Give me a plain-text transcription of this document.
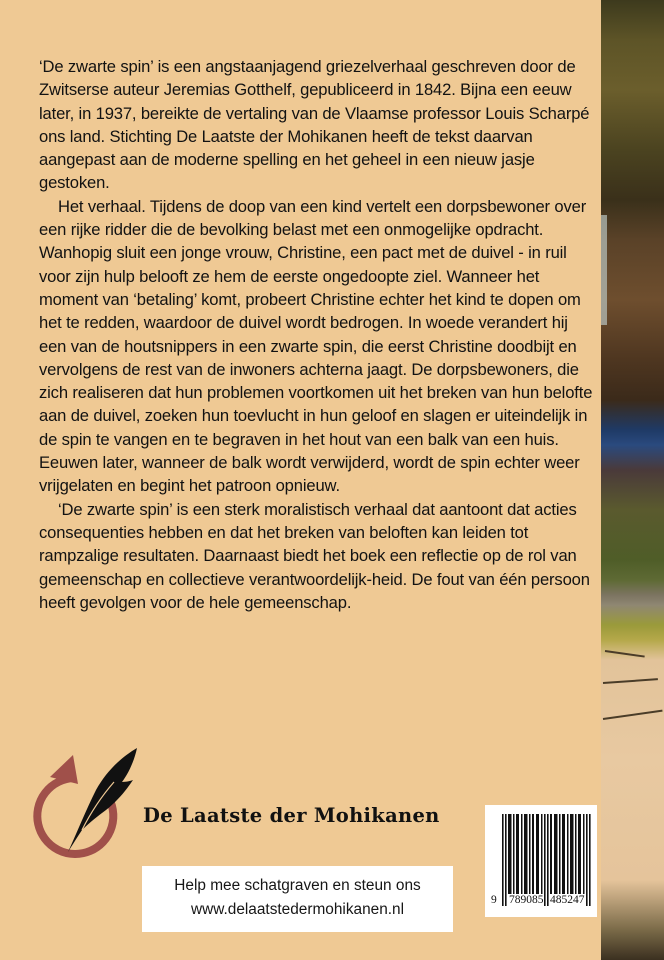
‘De zwarte spin’ is een angstaanjagend griezelverhaal geschreven door de Zwitserse auteur Jeremias Gotthelf, gepubliceerd in 1842. Bijna een eeuw later, in 1937, bereikte de vertaling van de Vlaamse professor Louis Scharpé ons land. Stichting De Laatste der Mohikanen heeft de tekst daarvan aangepast aan de moderne spelling en het geheel in een nieuw jasje gestoken.

Het verhaal. Tijdens de doop van een kind vertelt een dorpsbewoner over een rijke ridder die de bevolking belast met een onmogelijke opdracht. Wanhopig sluit een jonge vrouw, Christine, een pact met de duivel - in ruil voor zijn hulp belooft ze hem de eerste ongedoopte ziel. Wanneer het moment van ‘betaling’ komt, probeert Christine echter het kind te dopen om het te redden, waardoor de duivel wordt bedrogen. In woede verandert hij een van de houtsnippers in een zwarte spin, die eerst Christine doodbijt en vervolgens de rest van de inwoners achterna jaagt. De dorpsbewoners, die zich realiseren dat hun problemen voortkomen uit het breken van hun belofte aan de duivel, zoeken hun toevlucht in hun geloof en slagen er uiteindelijk in de spin te vangen en te begraven in het hout van een balk van een huis. Eeuwen later, wanneer de balk wordt verwijderd, wordt de spin echter weer vrijgelaten en begint het patroon opnieuw.

‘De zwarte spin’ is een sterk moralistisch verhaal dat aantoont dat acties consequenties hebben en dat het breken van beloften kan leiden tot rampzalige resultaten. Daarnaast biedt het boek een reflectie op de rol van gemeenschap en collectieve verantwoordelijk-heid. De fout van één persoon heeft gevolgen voor de hele gemeenschap.

De Laatste der Mohikanen
Help mee schatgraven en steun ons
www.delaatstedermohikanen.nl
9 789085 485247
